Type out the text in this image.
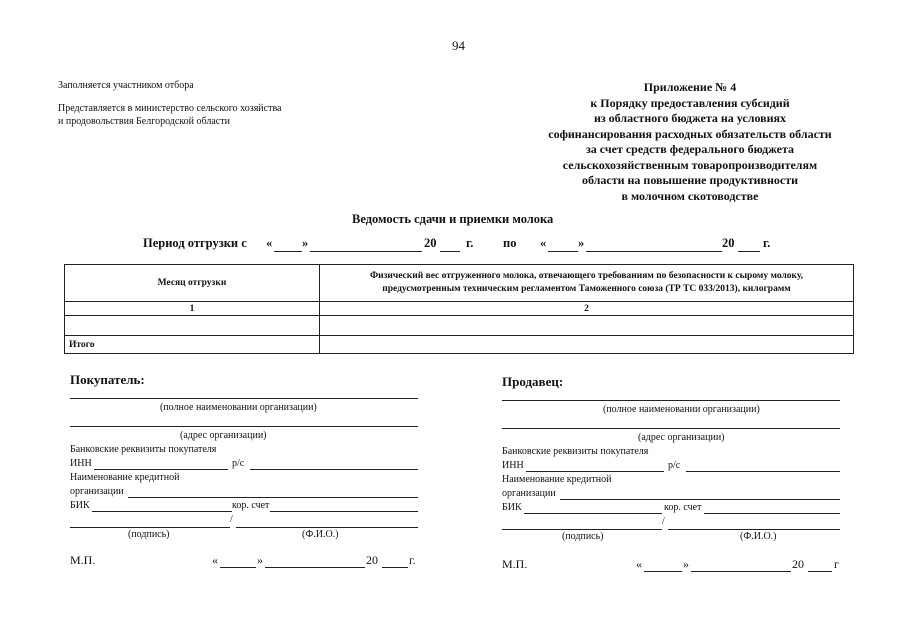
94
Заполняется участником отбора
Представляется в министерство сельского хозяйства
и продовольствия Белгородской области
Приложение № 4
к Порядку предоставления субсидий
из областного бюджета на условиях
софинансирования расходных обязательств области
за счет средств федерального бюджета
сельскохозяйственным товаропроизводителям
области на повышение продуктивности
в молочном скотоводстве
Ведомость сдачи и приемки молока
Период отгрузки с « »	20 г. по «	»	20 г.
Месяц отгрузки	Физический вес отгруженного молока, отвечающего требованиям по безопасности к сырому молоку,
предусмотренным техническим регламентом Таможенного союза (ТР ТС 033/2013), килограмм

1	2

Итого	
Покупатель:
(полное наименовании организации)
(адрес организации)
Банковские реквизиты покупателя
ИНН	р/с
Наименование кредитной
организации
БИК	кор. счет
/
(подпись)	(Ф.И.О.)
М.П.	«	»	20	г.
Продавец:
(полное наименовании организации)
(адрес организации)
Банковские реквизиты покупателя
ИНН	р/с
Наименование кредитной
организации
БИК	кор. счет
/
(подпись)	(Ф.И.О.)
М.П.	«	»	20	г
